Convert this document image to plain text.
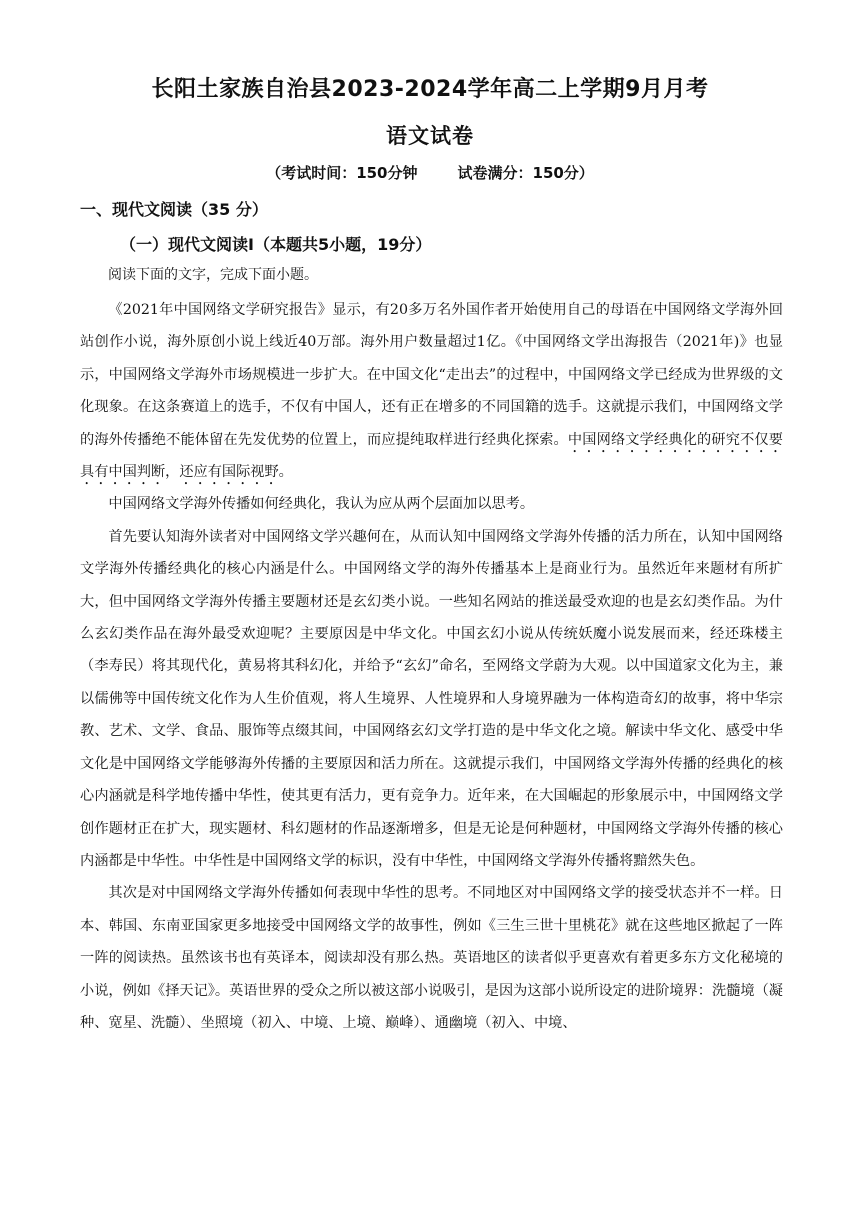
长阳土家族自治县2023-2024学年高二上学期9月月考
语文试卷
（考试时间：150分钟	试卷满分：150分）
一、现代文阅读（35 分）
（一）现代文阅读Ⅰ（本题共5小题，19分）
阅读下面的文字，完成下面小题。

《2021年中国网络文学研究报告》显示，有20多万名外国作者开始使用自己的母语在中国网络文学海外回站创作小说，海外原创小说上线近40万部。海外用户数量超过1亿。《中国网络文学出海报告（2021年)》也显示，中国网络文学海外市场规模进一步扩大。在中国文化“走出去”的过程中，中国网络文学已经成为世界级的文化现象。在这条赛道上的选手，不仅有中国人，还有正在增多的不同国籍的选手。这就提示我们，中国网络文学的海外传播绝不能体留在先发优势的位置上，而应提纯取样进行经典化探索。中国网络文学经典化的研究不仅要具有中国判断，还应有国际视野。

中国网络文学海外传播如何经典化，我认为应从两个层面加以思考。

首先要认知海外读者对中国网络文学兴趣何在，从而认知中国网络文学海外传播的活力所在，认知中国网络文学海外传播经典化的核心内涵是什么。中国网络文学的海外传播基本上是商业行为。虽然近年来题材有所扩大，但中国网络文学海外传播主要题材还是玄幻类小说。一些知名网站的推送最受欢迎的也是玄幻类作品。为什么玄幻类作品在海外最受欢迎呢？主要原因是中华文化。中国玄幻小说从传统妖魔小说发展而来，经还珠楼主（李寿民）将其现代化，黄易将其科幻化，并给予“玄幻”命名，至网络文学蔚为大观。以中国道家文化为主，兼以儒佛等中国传统文化作为人生价值观，将人生境界、人性境界和人身境界融为一体构造奇幻的故事，将中华宗教、艺术、文学、食品、服饰等点缀其间，中国网络玄幻文学打造的是中华文化之境。解读中华文化、感受中华文化是中国网络文学能够海外传播的主要原因和活力所在。这就提示我们，中国网络文学海外传播的经典化的核心内涵就是科学地传播中华性，使其更有活力，更有竞争力。近年来，在大国崛起的形象展示中，中国网络文学创作题材正在扩大，现实题材、科幻题材的作品逐渐增多，但是无论是何种题材，中国网络文学海外传播的核心内涵都是中华性。中华性是中国网络文学的标识，没有中华性，中国网络文学海外传播将黯然失色。

其次是对中国网络文学海外传播如何表现中华性的思考。不同地区对中国网络文学的接受状态并不一样。日本、韩国、东南亚国家更多地接受中国网络文学的故事性，例如《三生三世十里桃花》就在这些地区掀起了一阵一阵的阅读热。虽然该书也有英译本，阅读却没有那么热。英语地区的读者似乎更喜欢有着更多东方文化秘境的小说，例如《择天记》。英语世界的受众之所以被这部小说吸引，是因为这部小说所设定的进阶境界：洗髓境（凝种、宽星、洗髓）、坐照境（初入、中境、上境、巅峰）、通幽境（初入、中境、
